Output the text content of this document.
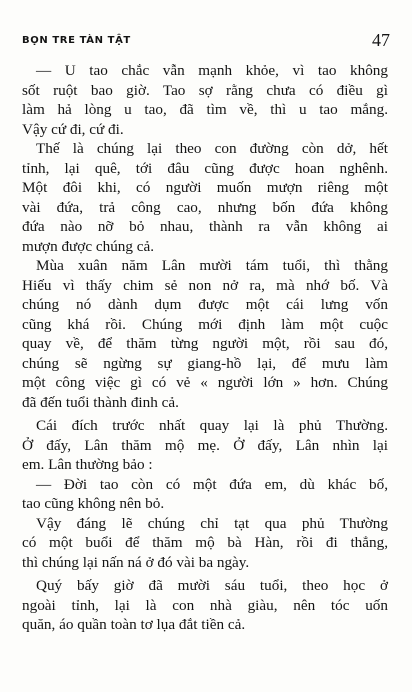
BỌN TRE TÀN TẬT	47

— U tao chắc vẫn mạnh khỏe, vì tao không
sốt ruột bao giờ. Tao sợ rằng chưa có điều gì
làm hả lòng u tao, đã tìm về, thì u tao mắng.
Vậy cứ đi, cứ đi.

Thế là chúng lại theo con đường còn dở, hết
tỉnh, lại quê, tới đâu cũng được hoan nghênh.
Một đôi khi, có người muốn mượn riêng một
vài đứa, trả công cao, nhưng bốn đứa không
đứa nào nỡ bỏ nhau, thành ra vẫn không ai
mượn được chúng cả.

Mùa xuân năm Lân mười tám tuổi, thì thằng
Hiếu vì thấy chim sẻ non nở ra, mà nhớ bố. Và
chúng nó dành dụm được một cái lưng vốn
cũng khá rồi. Chúng mới định làm một cuộc
quay về, để thăm từng người một, rồi sau đó,
chúng sẽ ngừng sự giang-hồ lại, để mưu làm
một công việc gì có vẻ « người lớn » hơn. Chúng
đã đến tuổi thành đinh cả.

Cái đích trước nhất quay lại là phủ Thường.
Ở đấy, Lân thăm mộ mẹ. Ở đấy, Lân nhìn lại
em. Lân thường bảo :

— Đời tao còn có một đứa em, dù khác bố,
tao cũng không nên bỏ.

Vậy đáng lẽ chúng chỉ tạt qua phủ Thường
có một buổi để thăm mộ bà Hàn, rồi đi thẳng,
thì chúng lại nấn ná ở đó vài ba ngày.

Quý bấy giờ đã mười sáu tuổi, theo học ở
ngoài tỉnh, lại là con nhà giàu, nên tóc uốn
quăn, áo quần toàn tơ lụa đắt tiền cả.
